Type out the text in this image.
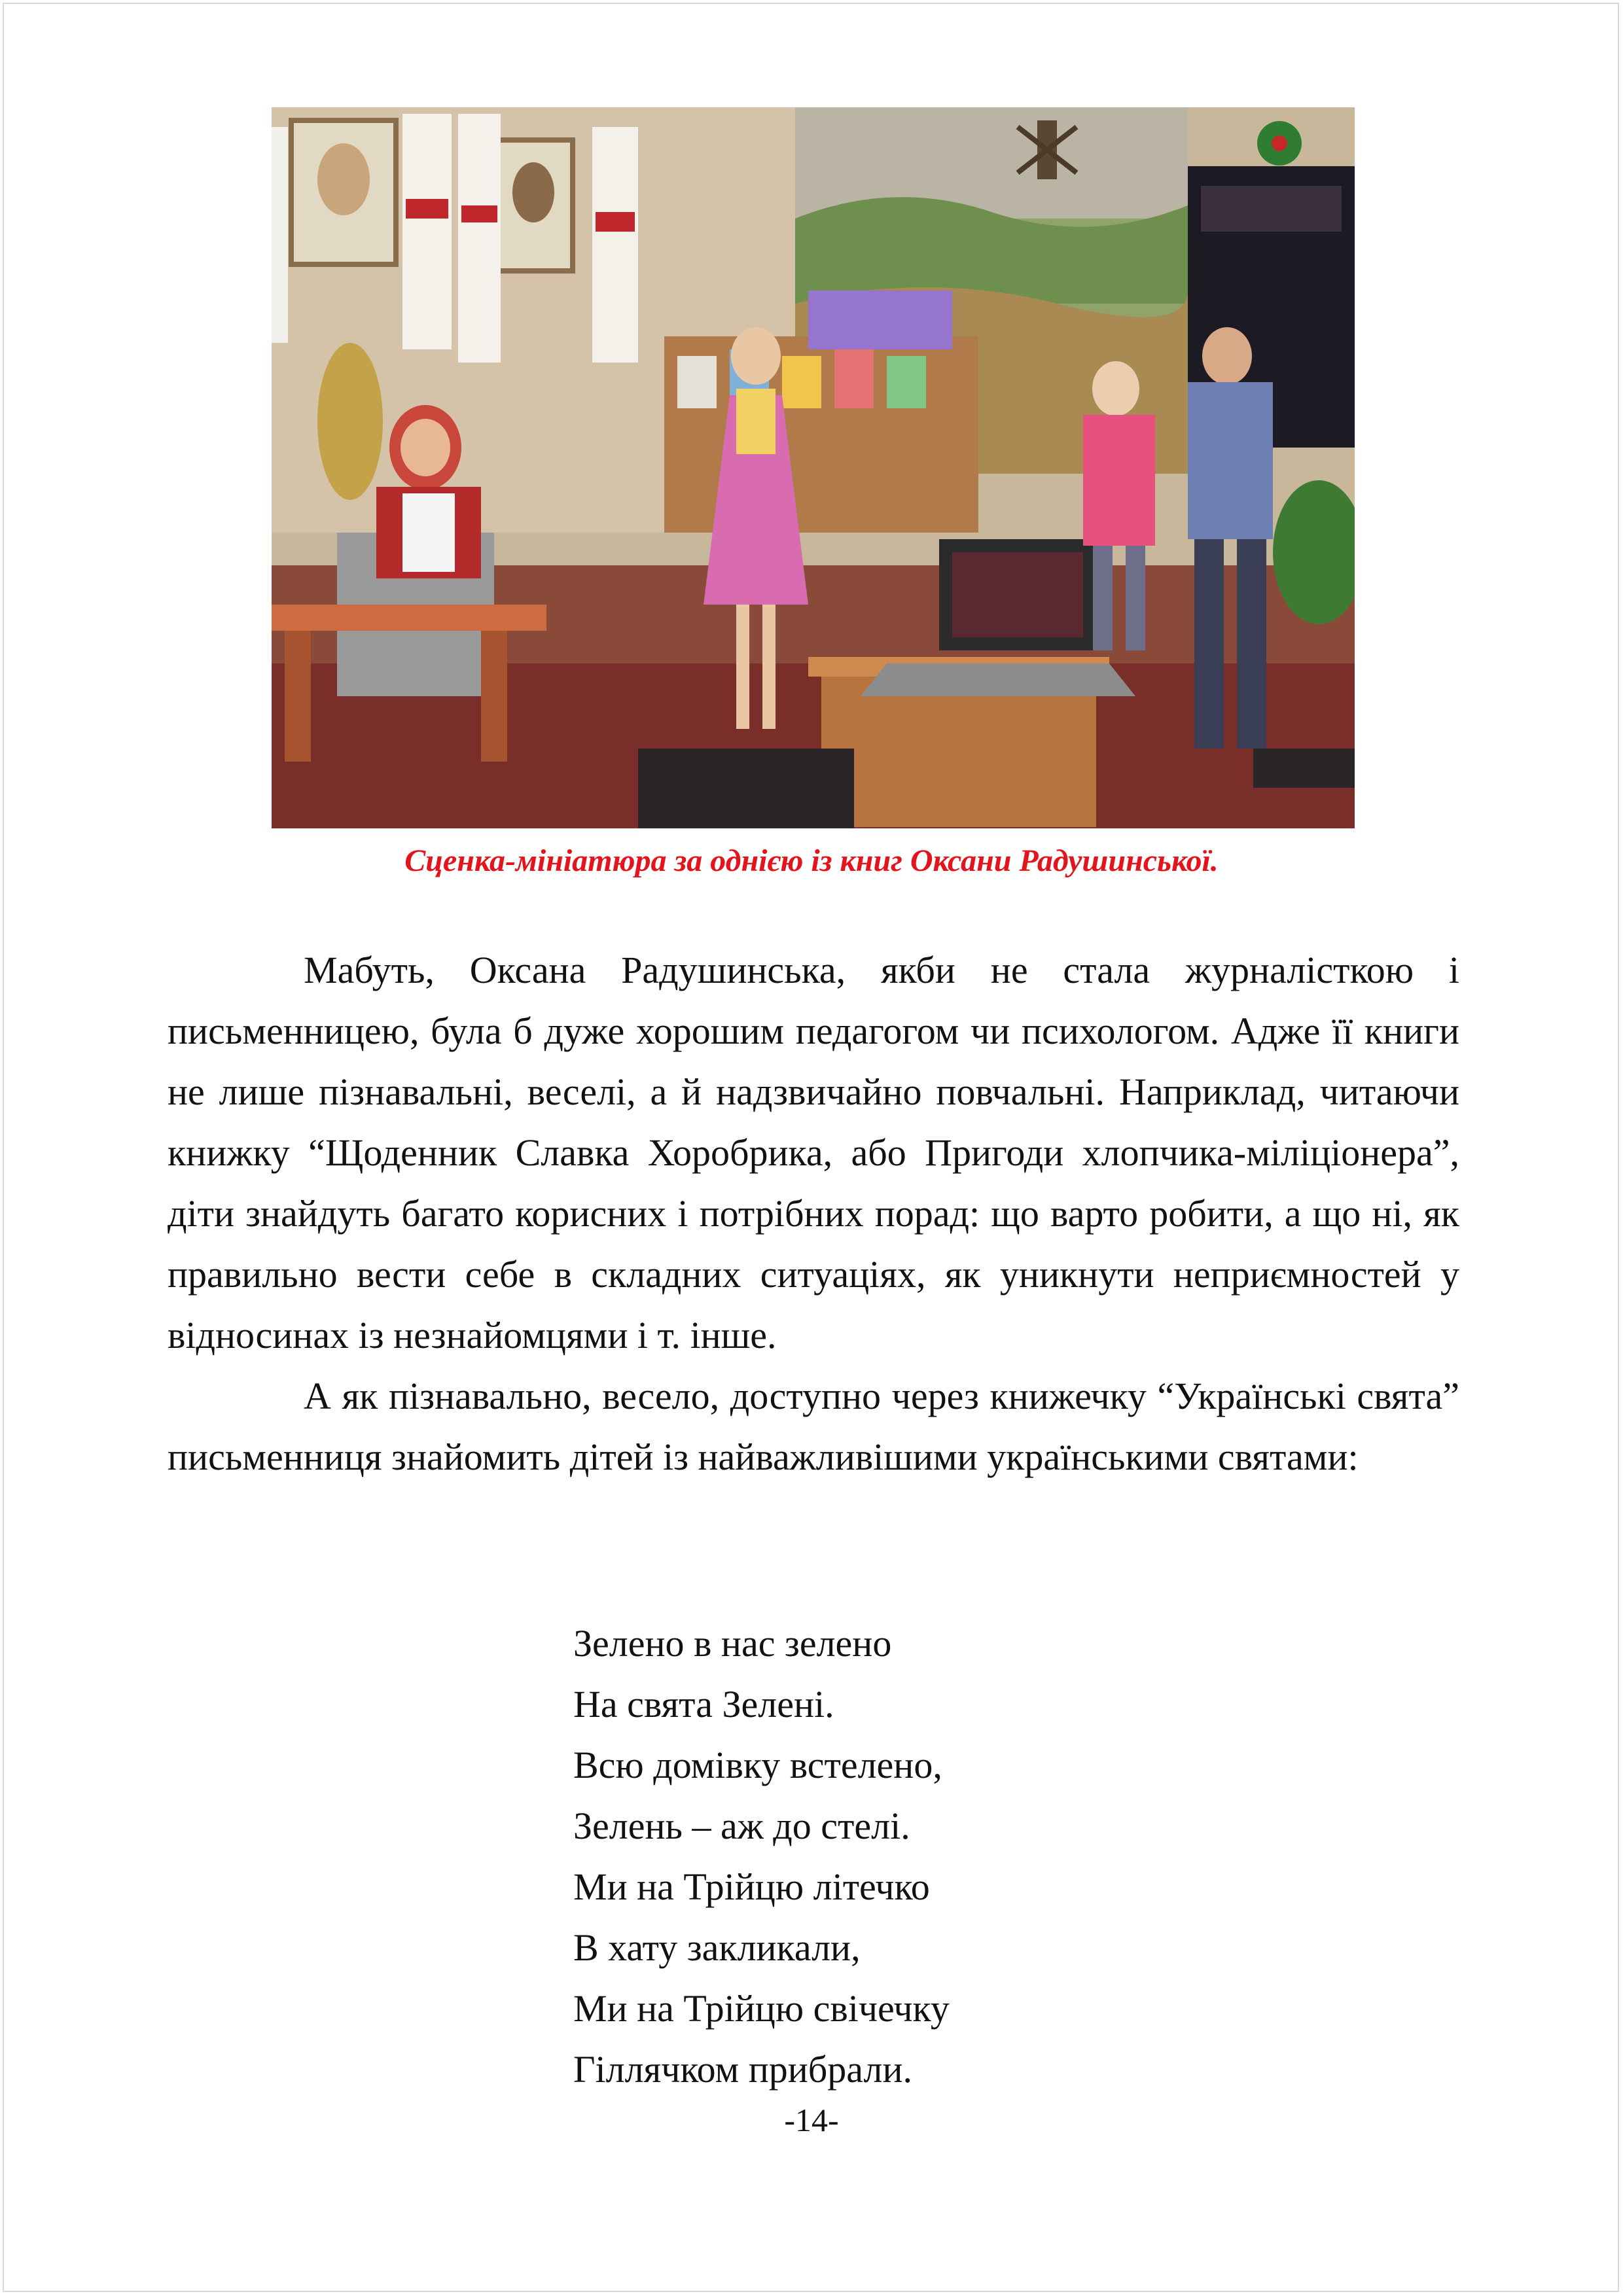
Сценка-мініатюра за однією із книг Оксани Радушинської.

Мабуть, Оксана Радушинська, якби не стала журналісткою і письменницею, була б дуже хорошим педагогом чи психологом. Адже її книги не лише пізнавальні, веселі, а й надзвичайно повчальні. Наприклад, читаючи книжку “Щоденник Славка Хоробрика, або Пригоди хлопчика-міліціонера”, діти знайдуть багато корисних і потрібних порад: що варто робити, а що ні, як правильно вести себе в складних ситуаціях, як уникнути неприємностей у відносинах із незнайомцями і т. інше.

А як пізнавально, весело, доступно через книжечку “Українські свята” письменниця знайомить дітей із найважливішими українськими святами:

Зелено в нас зелено
На свята Зелені.
Всю домівку встелено,
Зелень – аж до стелі.
Ми на Трійцю літечко
В хату закликали,
Ми на Трійцю свічечку
Гіллячком прибрали.
-14-
